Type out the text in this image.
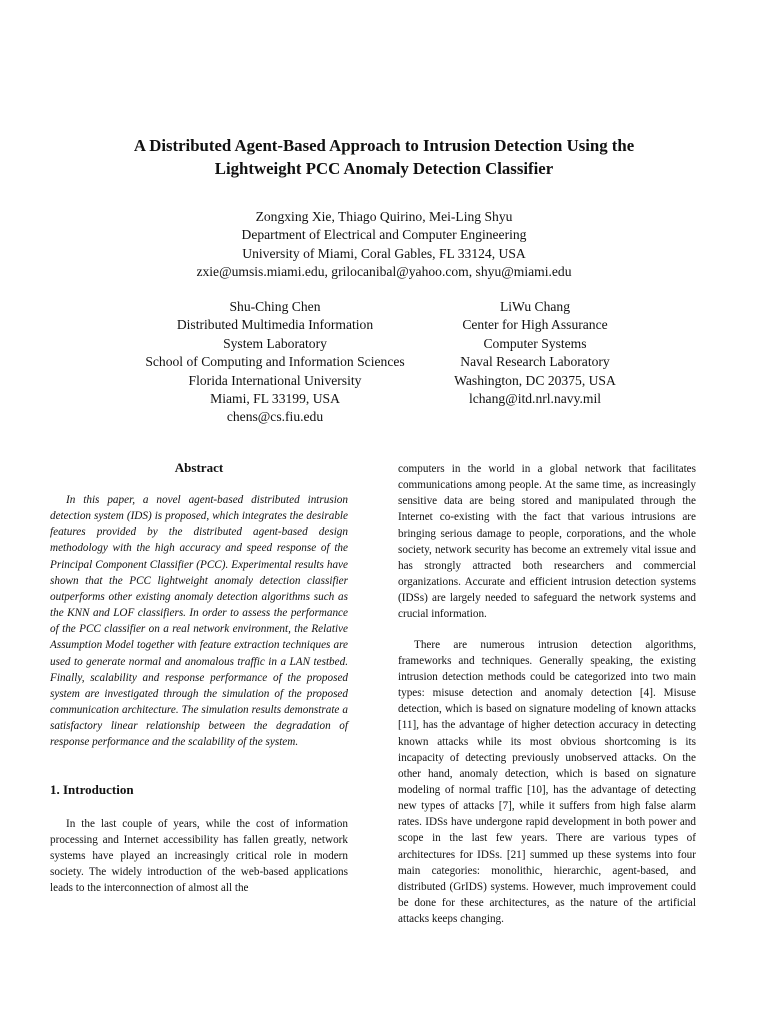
A Distributed Agent-Based Approach to Intrusion Detection Using the
Lightweight PCC Anomaly Detection Classifier
Zongxing Xie, Thiago Quirino, Mei-Ling Shyu
Department of Electrical and Computer Engineering
University of Miami, Coral Gables, FL 33124, USA
zxie@umsis.miami.edu, grilocanibal@yahoo.com, shyu@miami.edu
Shu-Ching Chen
Distributed Multimedia Information
System Laboratory
School of Computing and Information Sciences
Florida International University
Miami, FL 33199, USA
chens@cs.fiu.edu
LiWu Chang
Center for High Assurance
Computer Systems
Naval Research Laboratory
Washington, DC 20375, USA
lchang@itd.nrl.navy.mil
Abstract

In this paper, a novel agent-based distributed intrusion detection system (IDS) is proposed, which integrates the desirable features provided by the distributed agent-based design methodology with the high accuracy and speed response of the Principal Component Classifier (PCC). Experimental results have shown that the PCC lightweight anomaly detection classifier outperforms other existing anomaly detection algorithms such as the KNN and LOF classifiers. In order to assess the performance of the PCC classifier on a real network environment, the Relative Assumption Model together with feature extraction techniques are used to generate normal and anomalous traffic in a LAN testbed. Finally, scalability and response performance of the proposed system are investigated through the simulation of the proposed communication architecture. The simulation results demonstrate a satisfactory linear relationship between the degradation of response performance and the scalability of the system.

1. Introduction

In the last couple of years, while the cost of information processing and Internet accessibility has fallen greatly, network systems have played an increasingly critical role in modern society. The widely introduction of the web-based applications leads to the interconnection of almost all the

computers in the world in a global network that facilitates communications among people. At the same time, as increasingly sensitive data are being stored and manipulated through the Internet co-existing with the fact that various intrusions are bringing serious damage to people, corporations, and the whole society, network security has become an extremely vital issue and has strongly attracted both researchers and commercial organizations. Accurate and efficient intrusion detection systems (IDSs) are largely needed to safeguard the network systems and crucial information.

There are numerous intrusion detection algorithms, frameworks and techniques. Generally speaking, the existing intrusion detection methods could be categorized into two main types: misuse detection and anomaly detection [4]. Misuse detection, which is based on signature modeling of known attacks [11], has the advantage of higher detection accuracy in detecting known attacks while its most obvious shortcoming is its incapacity of detecting previously unobserved attacks. On the other hand, anomaly detection, which is based on signature modeling of normal traffic [10], has the advantage of detecting new types of attacks [7], while it suffers from high false alarm rates. IDSs have undergone rapid development in both power and scope in the last few years. There are various types of architectures for IDSs. [21] summed up these systems into four main categories: monolithic, hierarchic, agent-based, and distributed (GrIDS) systems. However, much improvement could be done for these architectures, as the nature of the artificial attacks keeps changing.
